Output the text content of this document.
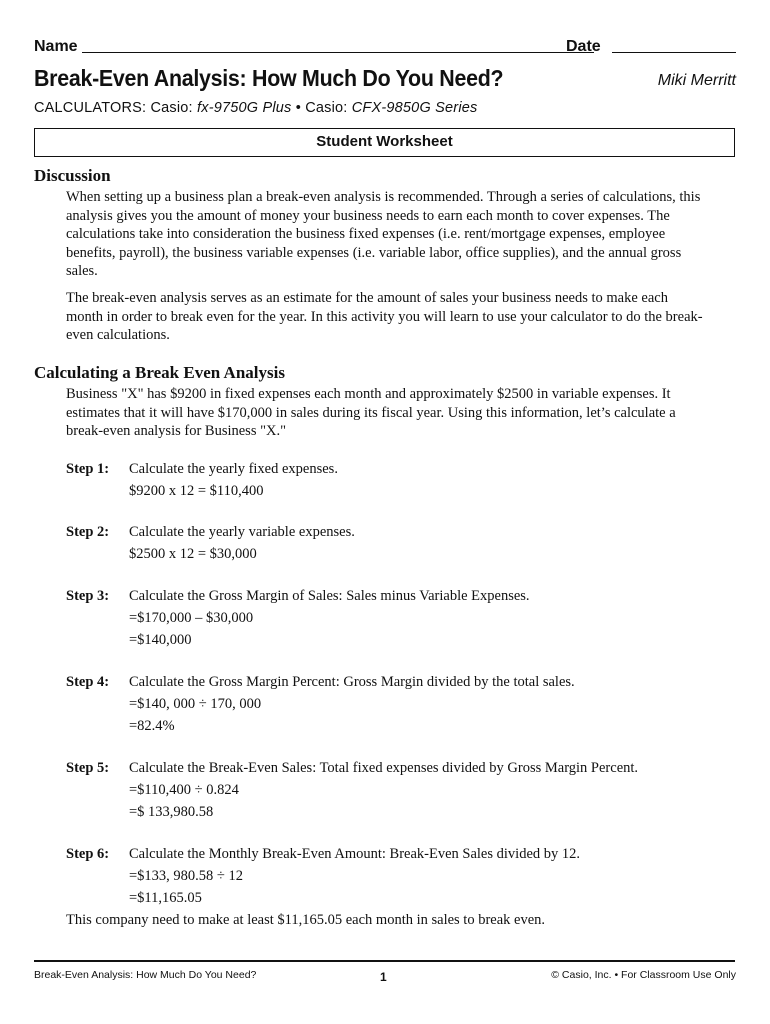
Name	Date
Break-Even Analysis: How Much Do You Need?	Miki Merritt
CALCULATORS: Casio: fx-9750G Plus • Casio: CFX-9850G Series
Student Worksheet
Discussion
When setting up a business plan a break-even analysis is recommended. Through a series of calculations, this analysis gives you the amount of money your business needs to earn each month to cover expenses. The calculations take into consideration the business fixed expenses (i.e. rent/mortgage expenses, employee benefits, payroll), the business variable expenses (i.e. variable labor, office supplies), and the annual gross sales.
The break-even analysis serves as an estimate for the amount of sales your business needs to make each month in order to break even for the year. In this activity you will learn to use your calculator to do the break-even calculations.
Calculating a Break Even Analysis
Business "X" has $9200 in fixed expenses each month and approximately $2500 in variable expenses. It estimates that it will have $170,000 in sales during its fiscal year. Using this information, let’s calculate a break-even analysis for Business "X."
Step 1: Calculate the yearly fixed expenses.
$9200 x 12 = $110,400
Step 2: Calculate the yearly variable expenses.
$2500 x 12 = $30,000
Step 3: Calculate the Gross Margin of Sales: Sales minus Variable Expenses.
=$170,000 – $30,000
=$140,000
Step 4: Calculate the Gross Margin Percent: Gross Margin divided by the total sales.
=$140, 000 ÷ 170, 000
=82.4%
Step 5: Calculate the Break-Even Sales: Total fixed expenses divided by Gross Margin Percent.
=$110,400 ÷ 0.824
=$ 133,980.58
Step 6: Calculate the Monthly Break-Even Amount: Break-Even Sales divided by 12.
=$133, 980.58 ÷ 12
=$11,165.05
This company need to make at least $11,165.05 each month in sales to break even.
Break-Even Analysis: How Much Do You Need?	1	© Casio, Inc. • For Classroom Use Only
